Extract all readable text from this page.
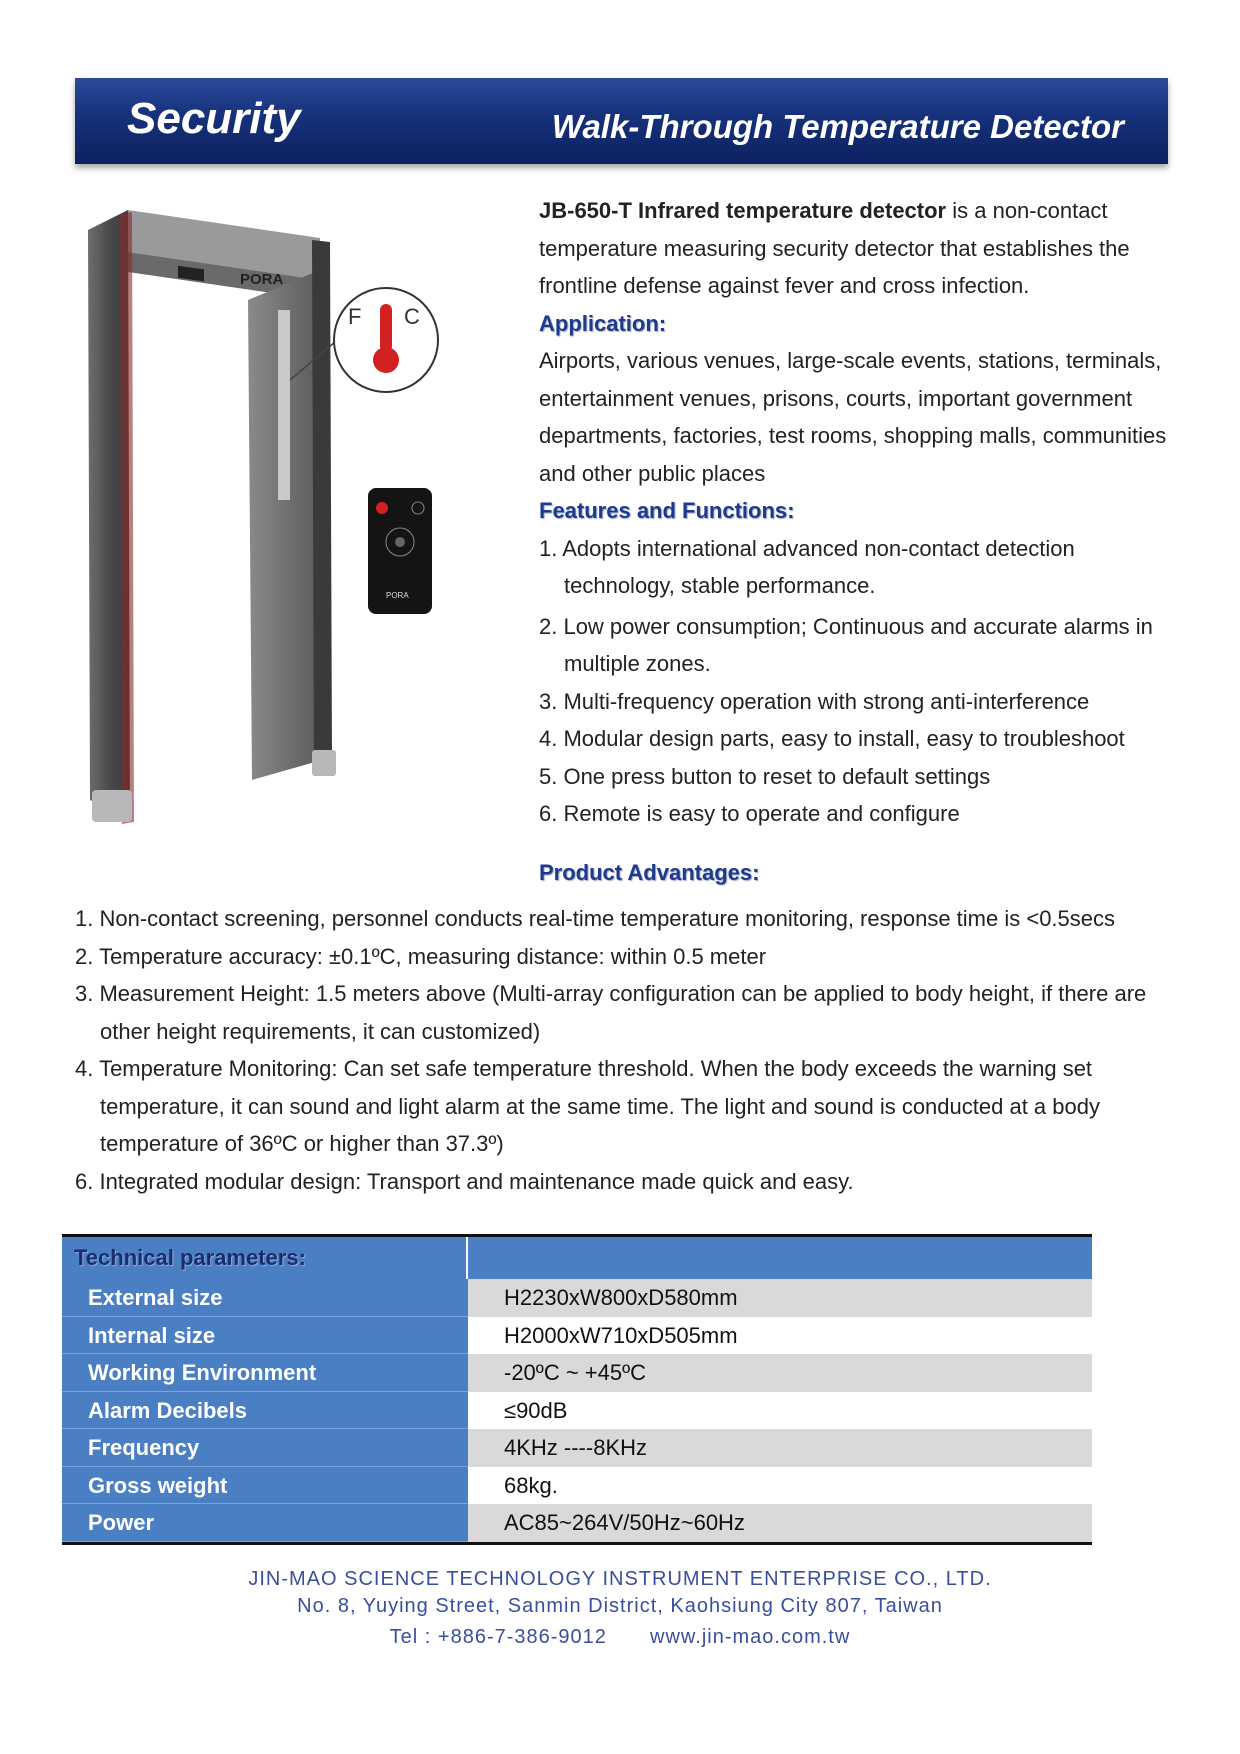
Security	Walk-Through Temperature Detector
PORA
F C
PORA

JB-650-T Infrared temperature detector is a non-contact temperature measuring security detector that establishes the frontline defense against fever and cross infection.

Application:

Airports, various venues, large-scale events, stations, terminals, entertainment venues, prisons, courts, important government departments, factories, test rooms, shopping malls, communities and other public places

Features and Functions:
1. Adopts international advanced non-contact detection technology, stable performance.
2. Low power consumption; Continuous and accurate alarms in multiple zones.
3. Multi-frequency operation with strong anti-interference
4. Modular design parts, easy to install, easy to troubleshoot
5. One press button to reset to default settings
6. Remote is easy to operate and configure
Product Advantages:
1. Non-contact screening, personnel conducts real-time temperature monitoring, response time is <0.5secs
2. Temperature accuracy: ±0.1ºC, measuring distance: within 0.5 meter
3. Measurement Height: 1.5 meters above (Multi-array configuration can be applied to body height, if there are other height requirements, it can customized)
4. Temperature Monitoring: Can set safe temperature threshold. When the body exceeds the warning set temperature, it can sound and light alarm at the same time. The light and sound is conducted at a body temperature of 36ºC or higher than 37.3º)
6. Integrated modular design: Transport and maintenance made quick and easy.
Technical parameters:
External size	H2230xW800xD580mm
Internal size	H2000xW710xD505mm
Working Environment	-20ºC ~ +45ºC
Alarm Decibels	≤90dB
Frequency	4KHz ----8KHz
Gross weight	68kg.
Power	AC85~264V/50Hz~60Hz
JIN-MAO SCIENCE TECHNOLOGY INSTRUMENT ENTERPRISE CO., LTD.
No. 8, Yuying Street, Sanmin District, Kaohsiung City 807, Taiwan
Tel : +886-7-386-9012 www.jin-mao.com.tw
